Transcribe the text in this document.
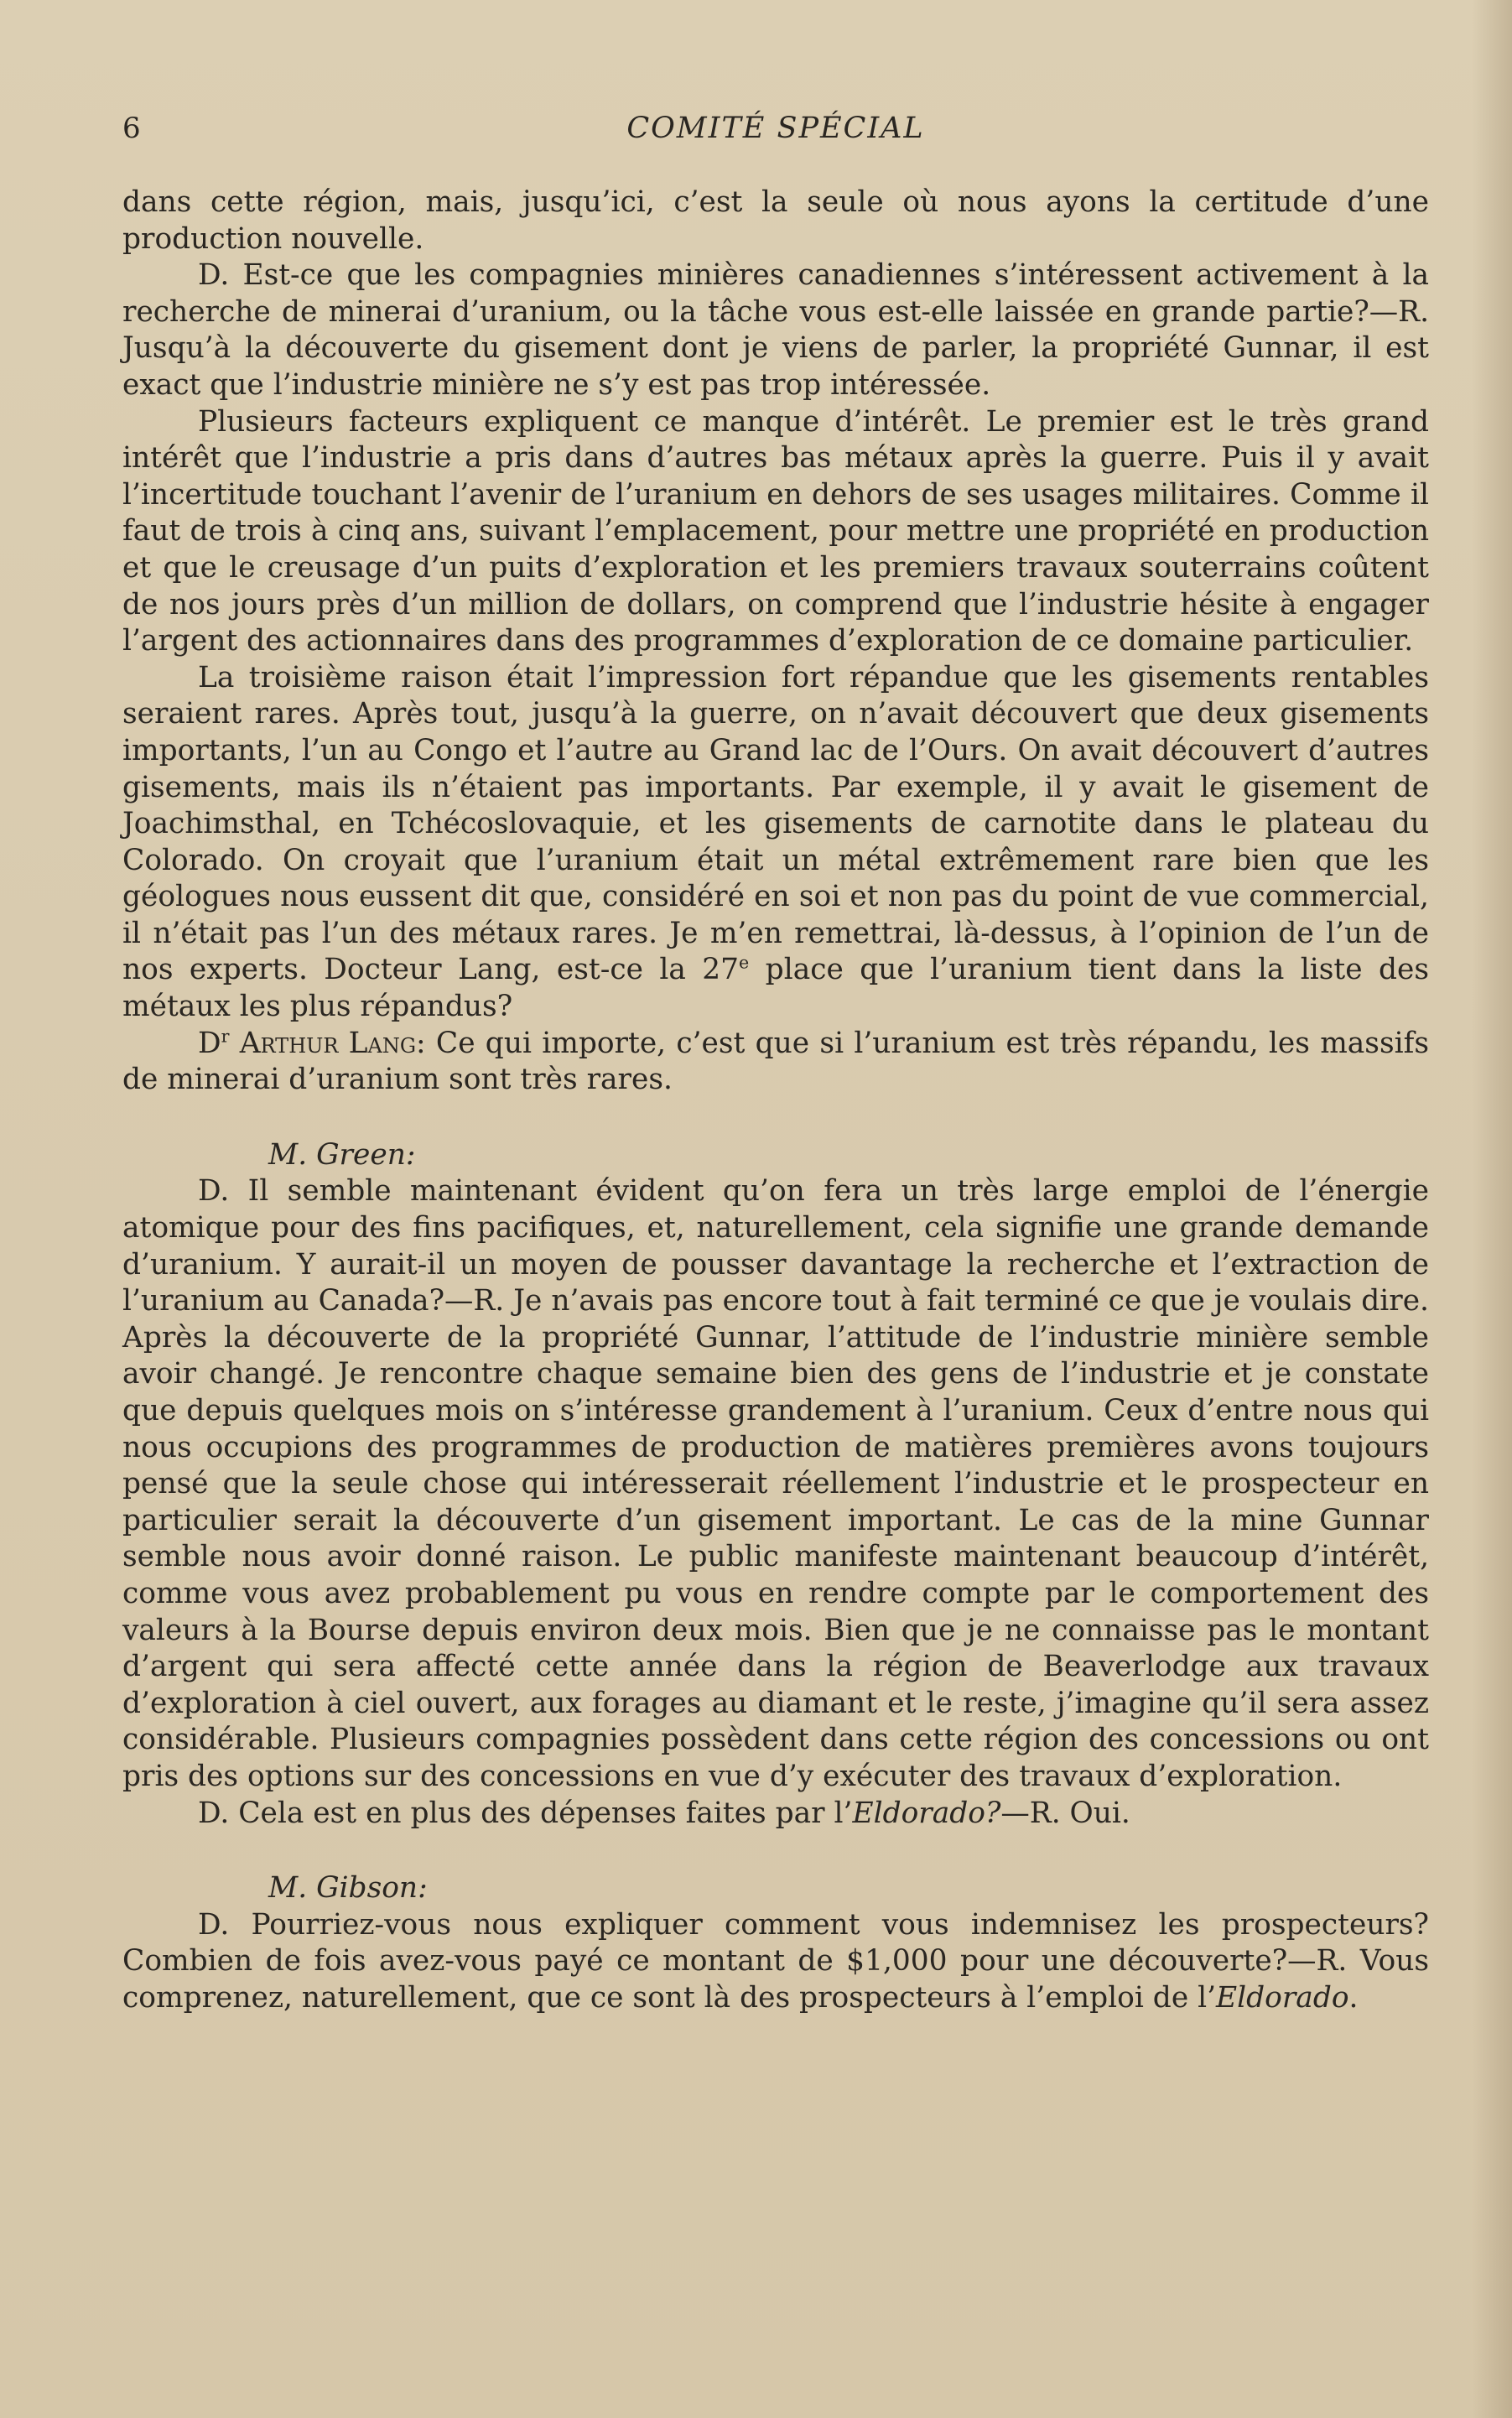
6	COMITÉ SPÉCIAL

dans cette région, mais, jusqu’ici, c’est la seule où nous ayons la certitude d’une production nouvelle.

D. Est-ce que les compagnies minières canadiennes s’intéressent activement à la recherche de minerai d’uranium, ou la tâche vous est-elle laissée en grande partie?—R. Jusqu’à la découverte du gisement dont je viens de parler, la propriété Gunnar, il est exact que l’industrie minière ne s’y est pas trop intéressée.

Plusieurs facteurs expliquent ce manque d’intérêt. Le premier est le très grand intérêt que l’industrie a pris dans d’autres bas métaux après la guerre. Puis il y avait l’incertitude touchant l’avenir de l’uranium en dehors de ses usages militaires. Comme il faut de trois à cinq ans, suivant l’emplacement, pour mettre une propriété en production et que le creusage d’un puits d’exploration et les premiers travaux souterrains coûtent de nos jours près d’un million de dollars, on comprend que l’industrie hésite à engager l’argent des actionnaires dans des programmes d’exploration de ce domaine particulier.

La troisième raison était l’impression fort répandue que les gisements rentables seraient rares. Après tout, jusqu’à la guerre, on n’avait découvert que deux gisements importants, l’un au Congo et l’autre au Grand lac de l’Ours. On avait découvert d’autres gisements, mais ils n’étaient pas importants. Par exemple, il y avait le gisement de Joachimsthal, en Tchécoslovaquie, et les gisements de carnotite dans le plateau du Colorado. On croyait que l’uranium était un métal extrêmement rare bien que les géologues nous eussent dit que, considéré en soi et non pas du point de vue commercial, il n’était pas l’un des métaux rares. Je m’en remettrai, là-dessus, à l’opinion de l’un de nos experts. Docteur Lang, est-ce la 27e place que l’uranium tient dans la liste des métaux les plus répandus?

$D^r$ Arthur Lang: Ce qui importe, c’est que si l’uranium est très répandu, les massifs de minerai d’uranium sont très rares.

M. Green:

D. Il semble maintenant évident qu’on fera un très large emploi de l’énergie atomique pour des fins pacifiques, et, naturellement, cela signifie une grande demande d’uranium. Y aurait-il un moyen de pousser davantage la recherche et l’extraction de l’uranium au Canada?—R. Je n’avais pas encore tout à fait terminé ce que je voulais dire. Après la découverte de la propriété Gunnar, l’attitude de l’industrie minière semble avoir changé. Je rencontre chaque semaine bien des gens de l’industrie et je constate que depuis quelques mois on s’intéresse grandement à l’uranium. Ceux d’entre nous qui nous occupions des programmes de production de matières premières avons toujours pensé que la seule chose qui intéresserait réellement l’industrie et le prospecteur en particulier serait la découverte d’un gisement important. Le cas de la mine Gunnar semble nous avoir donné raison. Le public manifeste maintenant beaucoup d’intérêt, comme vous avez probablement pu vous en rendre compte par le comportement des valeurs à la Bourse depuis environ deux mois. Bien que je ne connaisse pas le montant d’argent qui sera affecté cette année dans la région de Beaverlodge aux travaux d’exploration à ciel ouvert, aux forages au diamant et le reste, j’imagine qu’il sera assez considérable. Plusieurs compagnies possèdent dans cette région des concessions ou ont pris des options sur des concessions en vue d’y exécuter des travaux d’exploration.

D. Cela est en plus des dépenses faites par l’Eldorado?—R. Oui.

M. Gibson:

D. Pourriez-vous nous expliquer comment vous indemnisez les prospecteurs? Combien de fois avez-vous payé ce montant de $1,000 pour une découverte?—R. Vous comprenez, naturellement, que ce sont là des prospecteurs à l’emploi de l’Eldorado.
